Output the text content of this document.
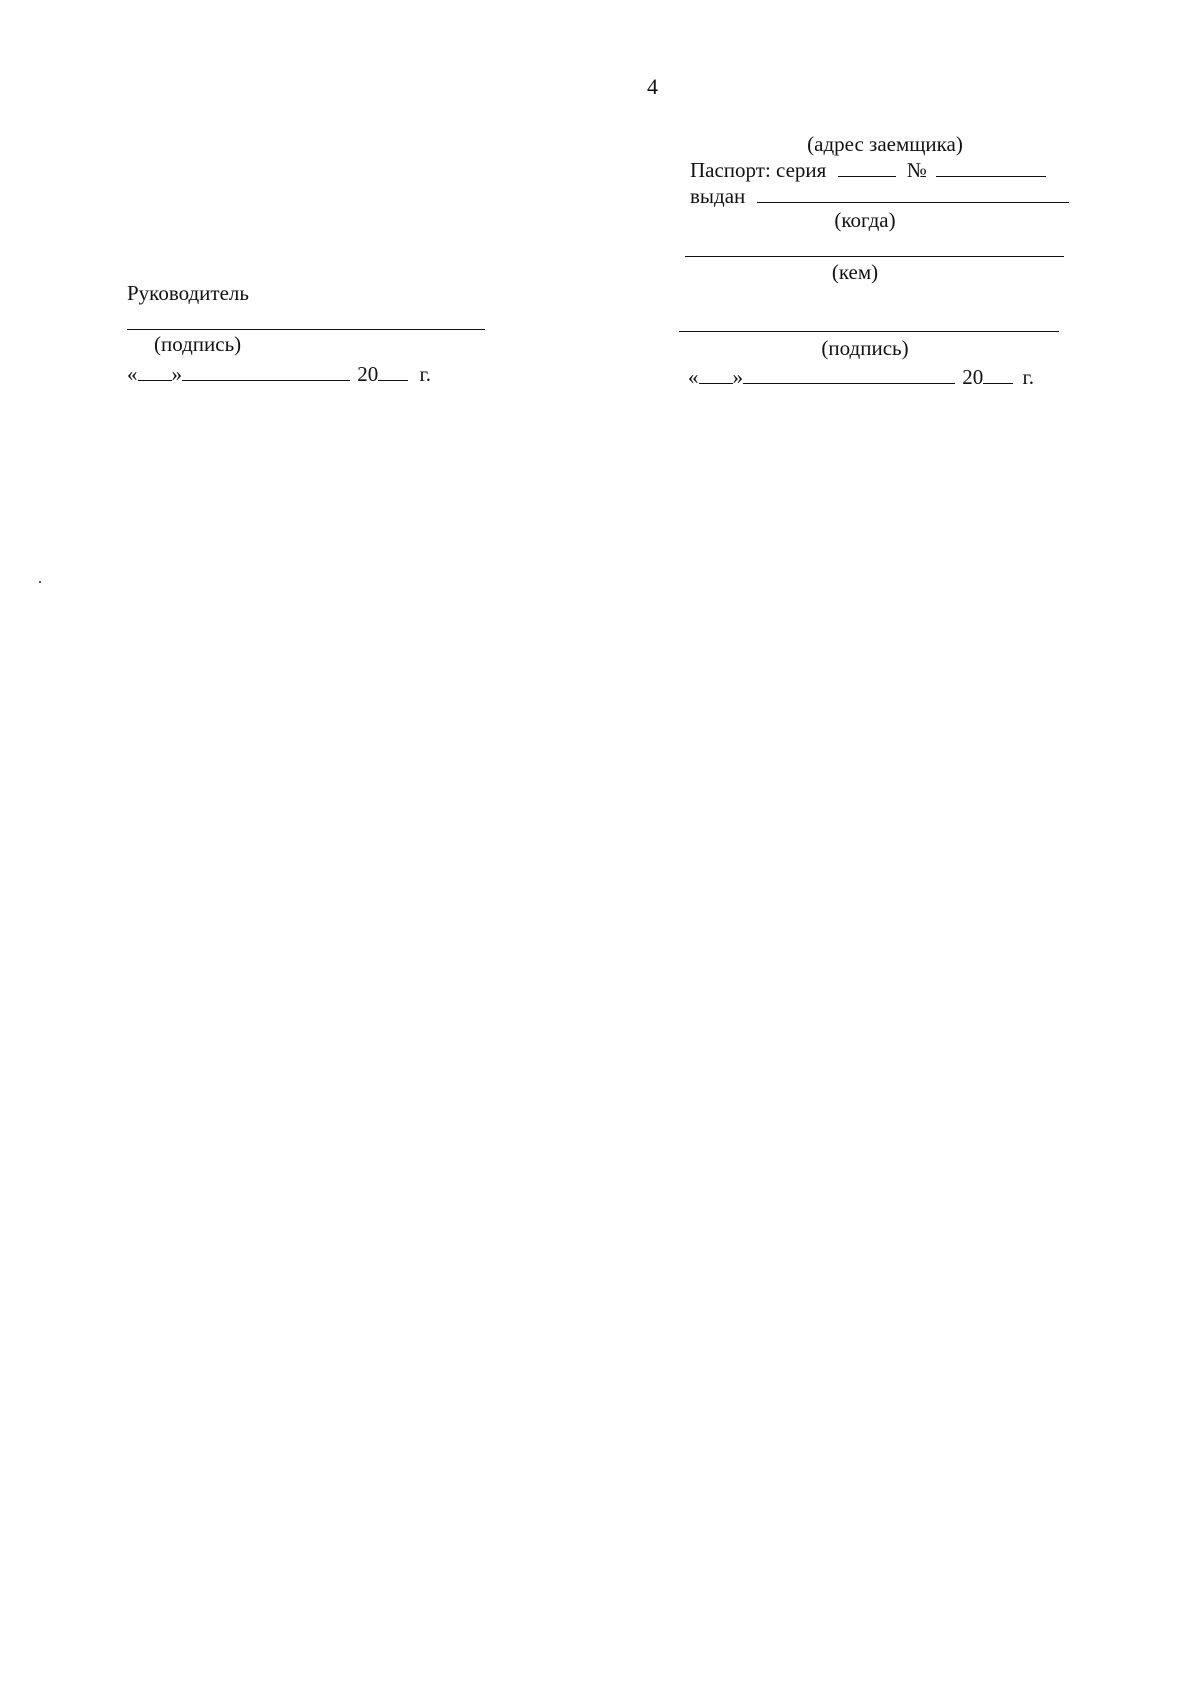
4
(адрес заемщика)
Паспорт: серия	№
выдан
(когда)
(кем)
(подпись)
« »	20 г.
Руководитель
(подпись)
« »	20 г.
